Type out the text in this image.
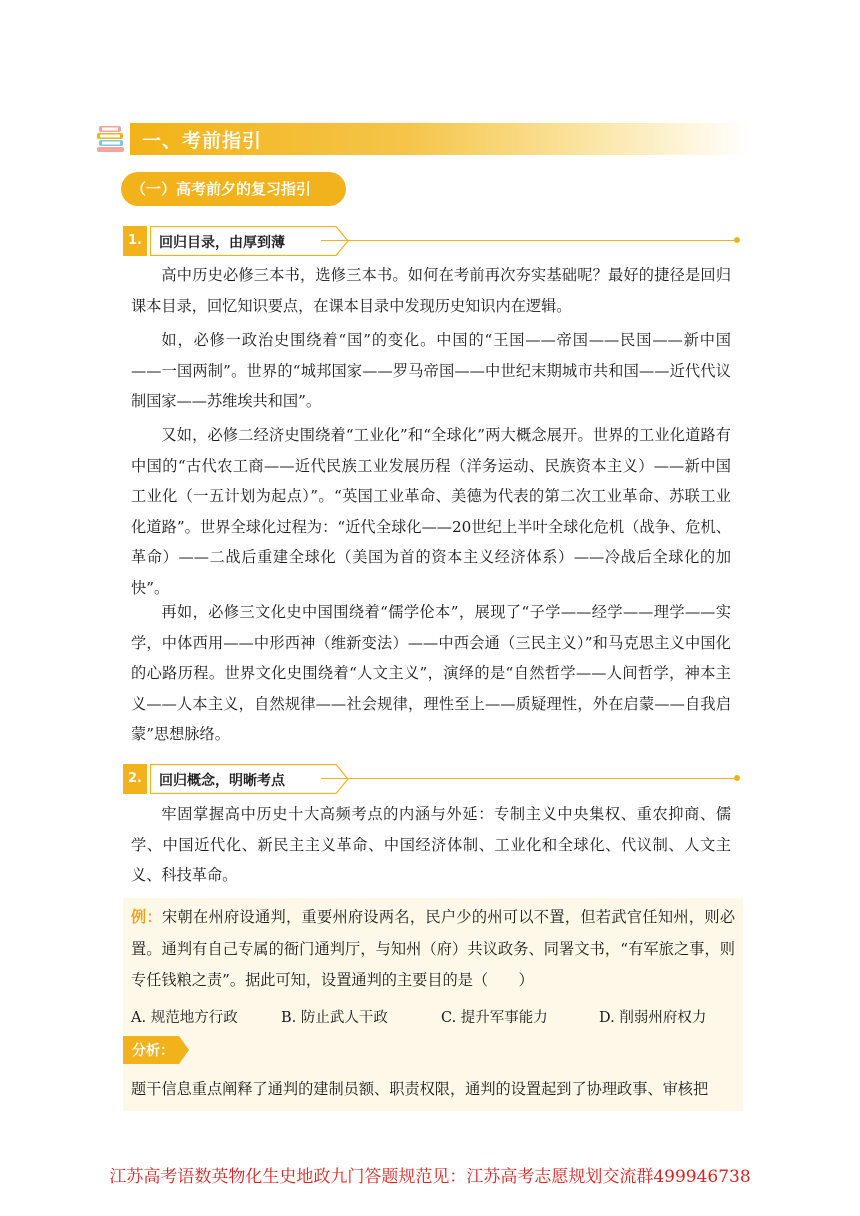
一、考前指引
（一）高考前夕的复习指引
1.	回归目录，由厚到薄

高中历史必修三本书，选修三本书。如何在考前再次夯实基础呢？最好的捷径是回归课本目录，回忆知识要点，在课本目录中发现历史知识内在逻辑。

如，必修一政治史围绕着“国”的变化。中国的“王国——帝国——民国——新中国——一国两制”。世界的“城邦国家——罗马帝国——中世纪末期城市共和国——近代代议制国家——苏维埃共和国”。

又如，必修二经济史围绕着“工业化”和“全球化”两大概念展开。世界的工业化道路有中国的“古代农工商——近代民族工业发展历程（洋务运动、民族资本主义）——新中国工业化（一五计划为起点）”。“英国工业革命、美德为代表的第二次工业革命、苏联工业化道路”。世界全球化过程为：“近代全球化——20世纪上半叶全球化危机（战争、危机、革命）——二战后重建全球化（美国为首的资本主义经济体系）——冷战后全球化的加快”。

再如，必修三文化史中国围绕着“儒学伦本”，展现了“子学——经学——理学——实学，中体西用——中形西神（维新变法）——中西会通（三民主义）”和马克思主义中国化的心路历程。世界文化史围绕着“人文主义”，演绎的是“自然哲学——人间哲学，神本主义——人本主义，自然规律——社会规律，理性至上——质疑理性，外在启蒙——自我启蒙”思想脉络。

2.	回归概念，明晰考点

牢固掌握高中历史十大高频考点的内涵与外延：专制主义中央集权、重农抑商、儒学、中国近代化、新民主主义革命、中国经济体制、工业化和全球化、代议制、人文主义、科技革命。

例：宋朝在州府设通判，重要州府设两名，民户少的州可以不置，但若武官任知州，则必置。通判有自己专属的衙门通判厅，与知州（府）共议政务、同署文书，“有军旅之事，则专任钱粮之责”。据此可知，设置通判的主要目的是（　　）

A. 规范地方行政	B. 防止武人干政	C. 提升军事能力	D. 削弱州府权力
分析：

题干信息重点阐释了通判的建制员额、职责权限，通判的设置起到了协理政事、审核把

江苏高考语数英物化生史地政九门答题规范见：江苏高考志愿规划交流群499946738
